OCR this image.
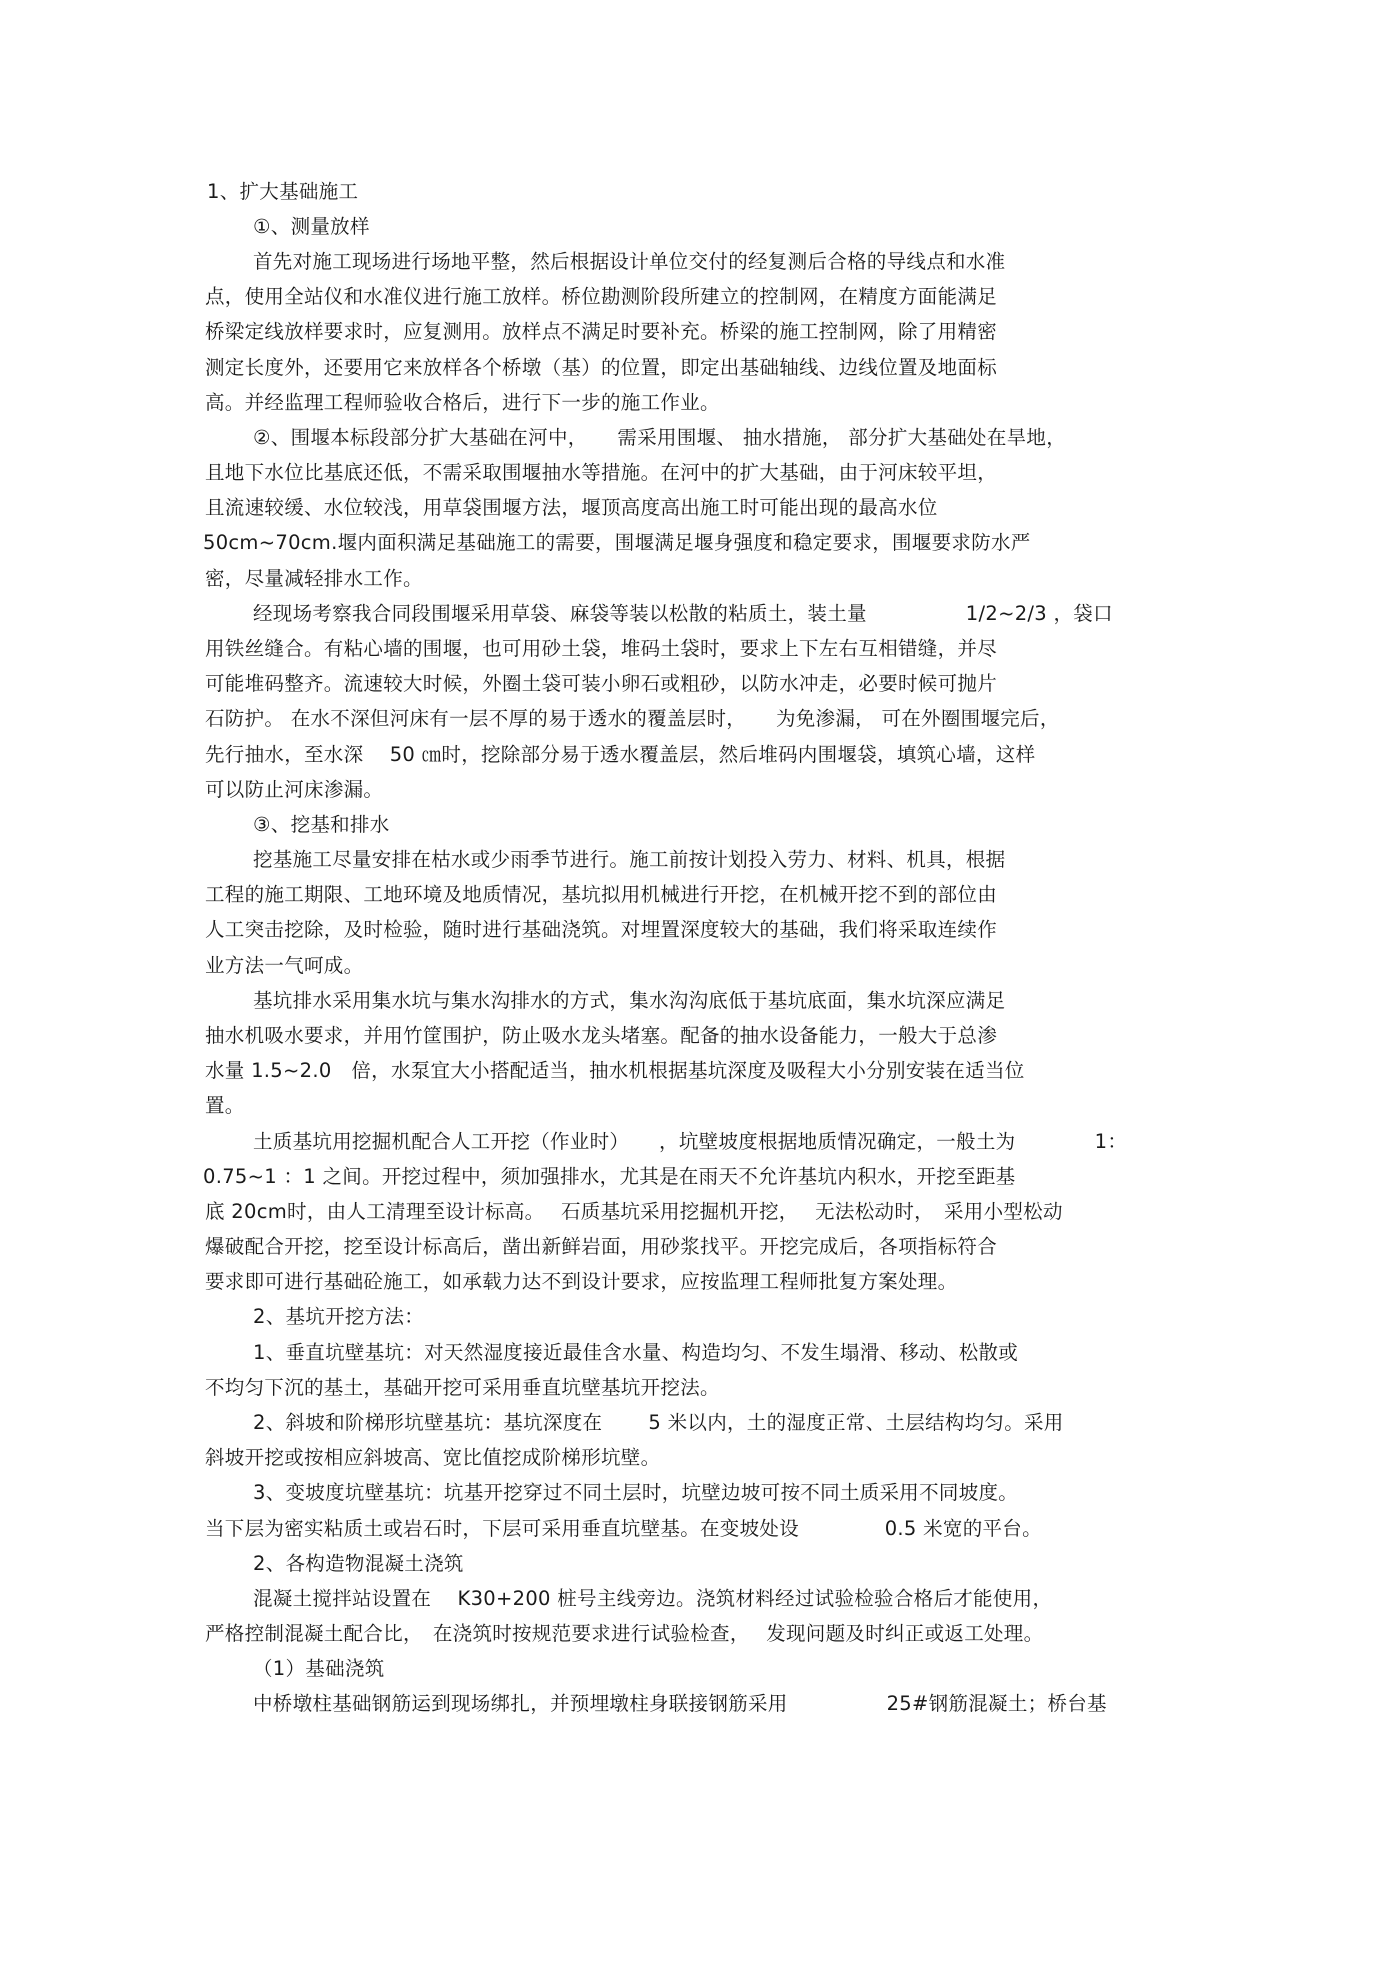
1、扩大基础施工
①、测量放样
首先对施工现场进行场地平整，然后根据设计单位交付的经复测后合格的导线点和水准
点，使用全站仪和水准仪进行施工放样。桥位勘测阶段所建立的控制网，在精度方面能满足
桥梁定线放样要求时，应复测用。放样点不满足时要补充。桥梁的施工控制网，除了用精密
测定长度外，还要用它来放样各个桥墩（基）的位置，即定出基础轴线、边线位置及地面标
高。并经监理工程师验收合格后，进行下一步的施工作业。
②、围堰本标段部分扩大基础在河中，　　需采用围堰、 抽水措施， 部分扩大基础处在旱地，
且地下水位比基底还低，不需采取围堰抽水等措施。在河中的扩大基础，由于河床较平坦，
且流速较缓、水位较浅，用草袋围堰方法，堰顶高度高出施工时可能出现的最高水位
50cm~70cm.堰内面积满足基础施工的需要，围堰满足堰身强度和稳定要求，围堰要求防水严
密，尽量减轻排水工作。
经现场考察我合同段围堰采用草袋、麻袋等装以松散的粘质土，装土量　　　　　1/2~2/3 ，袋口
用铁丝缝合。有粘心墙的围堰，也可用砂土袋，堆码土袋时，要求上下左右互相错缝，并尽
可能堆码整齐。流速较大时候，外圈土袋可装小卵石或粗砂，以防水冲走，必要时候可抛片
石防护。 在水不深但河床有一层不厚的易于透水的覆盖层时，　　为免渗漏， 可在外圈围堰完后，
先行抽水，至水深　 50 ㎝时，挖除部分易于透水覆盖层，然后堆码内围堰袋，填筑心墙，这样
可以防止河床渗漏。
③、挖基和排水
挖基施工尽量安排在枯水或少雨季节进行。施工前按计划投入劳力、材料、机具，根据
工程的施工期限、工地环境及地质情况，基坑拟用机械进行开挖，在机械开挖不到的部位由
人工突击挖除，及时检验，随时进行基础浇筑。对埋置深度较大的基础，我们将采取连续作
业方法一气呵成。
基坑排水采用集水坑与集水沟排水的方式，集水沟沟底低于基坑底面，集水坑深应满足
抽水机吸水要求，并用竹筐围护，防止吸水龙头堵塞。配备的抽水设备能力，一般大于总渗
水量 1.5~2.0　倍，水泵宜大小搭配适当，抽水机根据基坑深度及吸程大小分别安装在适当位
置。
土质基坑用挖掘机配合人工开挖（作业时）　　，坑壁坡度根据地质情况确定，一般土为　　　　1：
0.75~1 ：1 之间。开挖过程中，须加强排水，尤其是在雨天不允许基坑内积水，开挖至距基
底 20cm时，由人工清理至设计标高。　 石质基坑采用挖掘机开挖，　 无法松动时，　采用小型松动
爆破配合开挖，挖至设计标高后，凿出新鲜岩面，用砂浆找平。开挖完成后，各项指标符合
要求即可进行基础砼施工，如承载力达不到设计要求，应按监理工程师批复方案处理。
2、基坑开挖方法：
1、垂直坑壁基坑：对天然湿度接近最佳含水量、构造均匀、不发生塌滑、移动、松散或
不均匀下沉的基土，基础开挖可采用垂直坑壁基坑开挖法。
2、斜坡和阶梯形坑壁基坑：基坑深度在　　 5 米以内，土的湿度正常、土层结构均匀。采用
斜坡开挖或按相应斜坡高、宽比值挖成阶梯形坑壁。
3、变坡度坑壁基坑：坑基开挖穿过不同土层时，坑壁边坡可按不同土质采用不同坡度。
当下层为密实粘质土或岩石时，下层可采用垂直坑壁基。在变坡处设　　　　 0.5 米宽的平台。
2、各构造物混凝土浇筑
混凝土搅拌站设置在　 K30+200 桩号主线旁边。浇筑材料经过试验检验合格后才能使用，
严格控制混凝土配合比，　在浇筑时按规范要求进行试验检查，　 发现问题及时纠正或返工处理。
（1）基础浇筑
中桥墩柱基础钢筋运到现场绑扎，并预埋墩柱身联接钢筋采用　　　　　25#钢筋混凝土；桥台基
